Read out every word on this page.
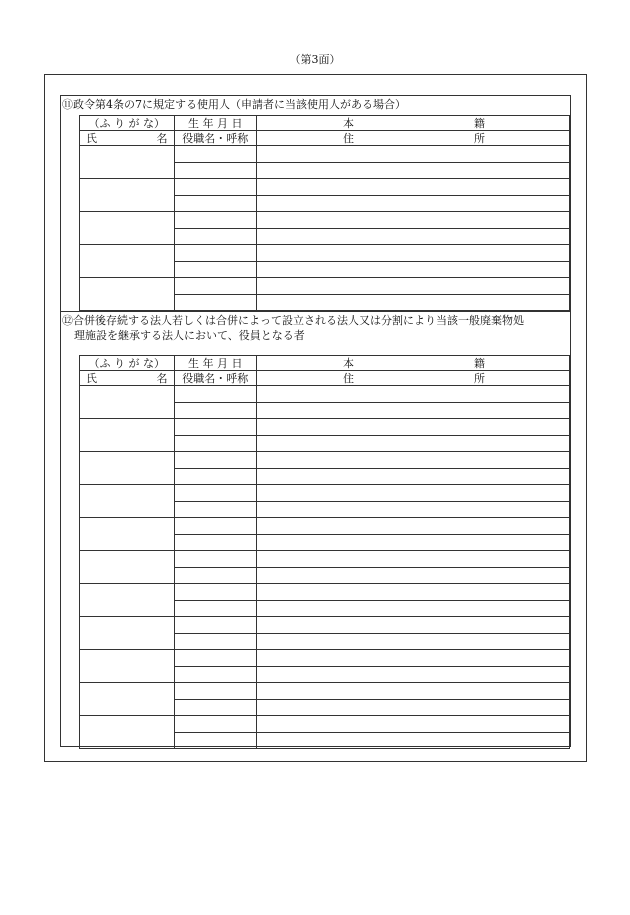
（第3面）
⑪政令第4条の7に規定する使用人（申請者に当該使用人がある場合）
（ふ り が な）	生 年 月 日	本 籍

氏 名	役職名・呼称	住 所

⑫合併後存続する法人若しくは合併によって設立される法人又は分割により当該一般廃棄物処
理施設を継承する法人において、役員となる者
（ふ り が な）	生 年 月 日	本 籍

氏 名	役職名・呼称	住 所
